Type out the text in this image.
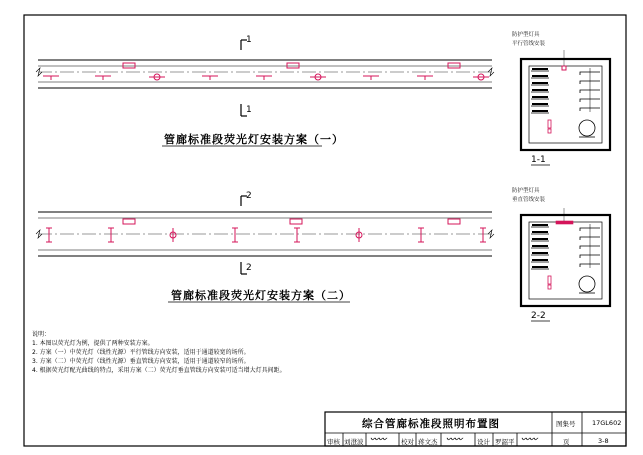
1
1
管廊标准段荧光灯安装方案（一）
2
2
管廊标准段荧光灯安装方案（二）
防护型灯具
平行管线安装
1-1
防护型灯具
垂直管线安装
2-2
说明：
1. 本图以荧光灯为例，提供了两种安装方案。
2. 方案（一）中荧光灯（线性光源）平行管线方向安装，适用于通道较宽的场所。
3. 方案（二）中荧光灯（线性光源）垂直管线方向安装，适用于通道较窄的场所。
4. 根据荧光灯配光曲线的特点，采用方案（二）荧光灯垂直管线方向安装可适当增大灯具间距。
综合管廊标准段照明布置图	图集号	17GL602
审核 刘澄波 〰〰 校对 蒋文杰 〰〰 设计 罗韶平 〰〰	页	3-8
